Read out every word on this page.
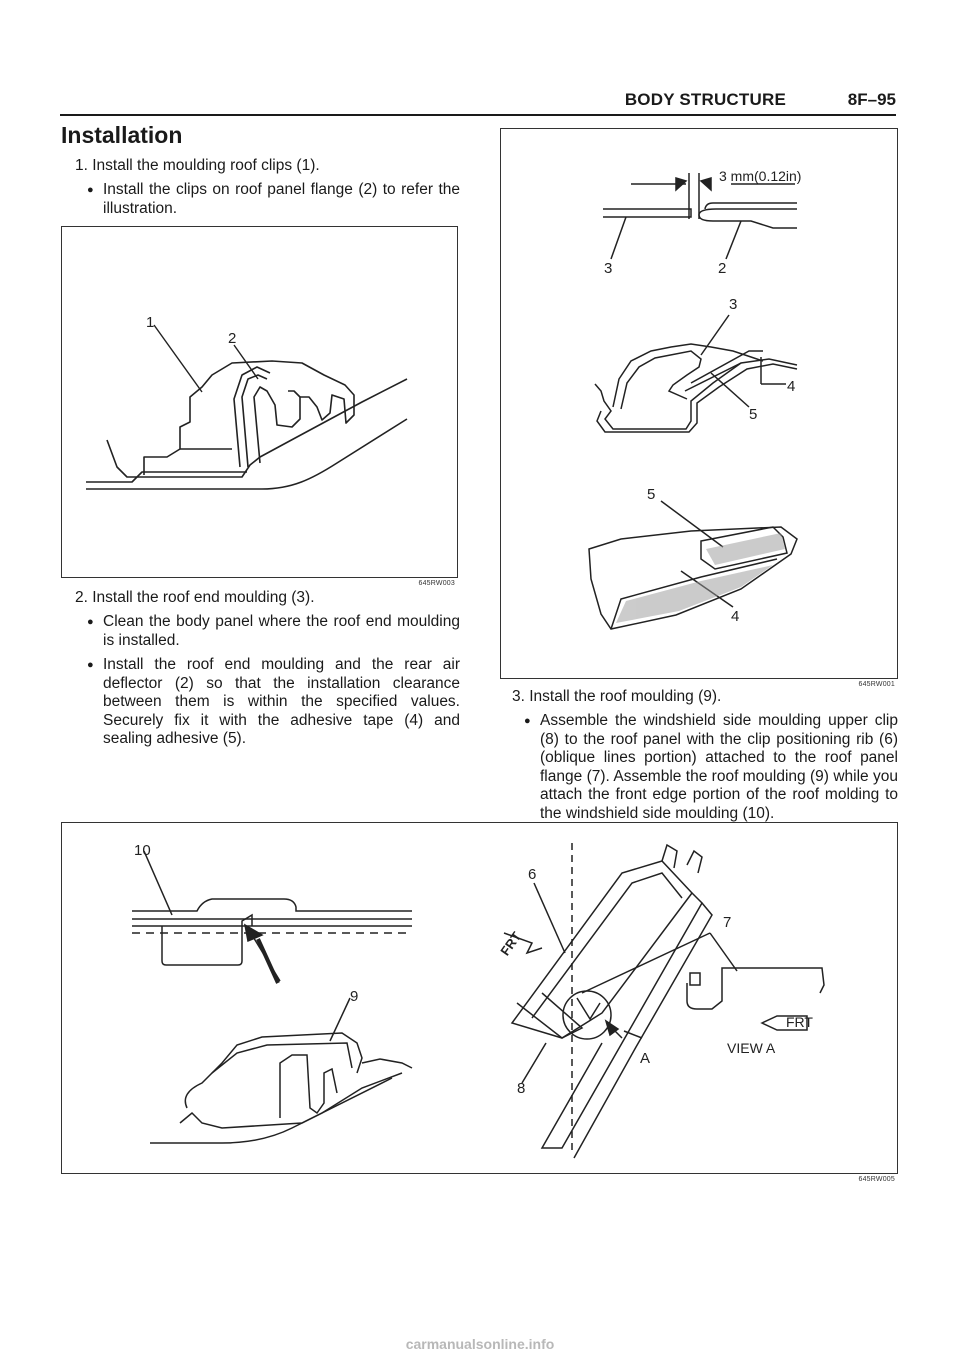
BODY STRUCTURE	8F–95
Installation
1. Install the moulding roof clips (1).
● Install the clips on roof panel flange (2) to refer the illustration.
1
2
645RW003
2. Install the roof end moulding (3).
● Clean the body panel where the roof end moulding is installed.
● Install the roof end moulding and the rear air deflector (2) so that the installation clearance between them is within the specified values. Securely fix it with the adhesive tape (4) and sealing adhesive (5).
3 mm(0.12in)
3	2
3
4
5
5
4
645RW001
3. Install the roof moulding (9).
● Assemble the windshield side moulding upper clip (8) to the roof panel with the clip positioning rib (6) (oblique lines portion) attached to the roof panel flange (7). Assemble the roof moulding (9) while you attach the front edge portion of the roof molding to the windshield side moulding (10).
10
9
6
7
8
A
FRT
FRT
VIEW A
645RW005
carmanualsonline.info
